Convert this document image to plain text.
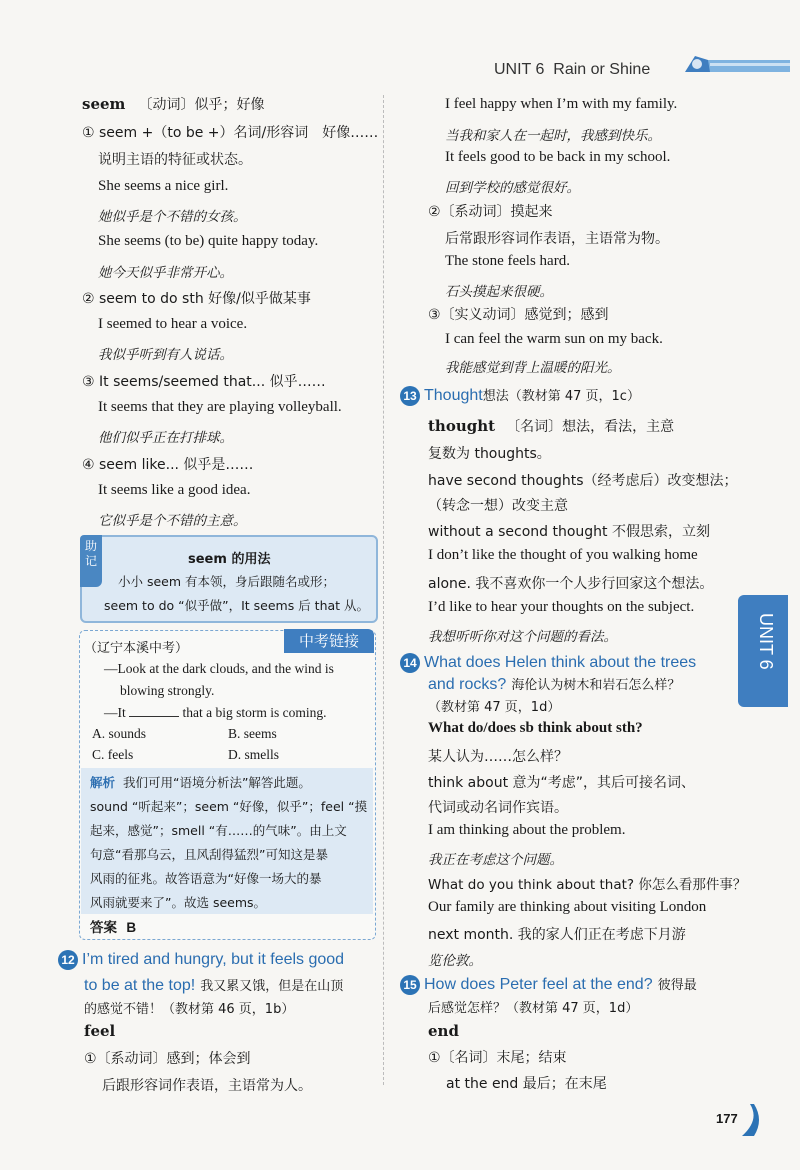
UNIT 6 Rain or Shine
seem 〔动词〕似乎；好像
① seem +（to be +）名词/形容词　好像……
说明主语的特征或状态。
She seems a nice girl.
她似乎是个不错的女孩。
She seems (to be) quite happy today.
她今天似乎非常开心。
② seem to do sth 好像/似乎做某事
I seemed to hear a voice.
我似乎听到有人说话。
③ It seems/seemed that... 似乎……
It seems that they are playing volleyball.
他们似乎正在打排球。
④ seem like... 似乎是……
It seems like a good idea.
它似乎是个不错的主意。
助记	seem 的用法
小小 seem 有本领，身后跟随名或形；
seem to do “似乎做”，It seems 后 that 从。
中考链接
（辽宁本溪中考）
—Look at the dark clouds, and the wind is
blowing strongly.
—It	that a big storm is coming.
A. sounds	B. seems
C. feels	D. smells
解析 我们可用“语境分析法”解答此题。
sound “听起来”；seem “好像，似乎”；feel “摸
起来，感觉”；smell “有……的气味”。由上文
句意“看那乌云，且风刮得猛烈”可知这是暴
风雨的征兆。故答语意为“好像一场大的暴
风雨就要来了”。故选 seems。
答案 B
12 I’m tired and hungry, but it feels good
to be at the top! 我又累又饿，但是在山顶
的感觉不错！（教材第 46 页，1b）
feel
①〔系动词〕感到；体会到
后跟形容词作表语，主语常为人。
I feel happy when I’m with my family.
当我和家人在一起时，我感到快乐。
It feels good to be back in my school.
回到学校的感觉很好。
②〔系动词〕摸起来
后常跟形容词作表语，主语常为物。
The stone feels hard.
石头摸起来很硬。
③〔实义动词〕感觉到；感到
I can feel the warm sun on my back.
我能感觉到背上温暖的阳光。
13 Thought想法（教材第 47 页，1c）
thought 〔名词〕想法，看法，主意
复数为 thoughts。
have second thoughts（经考虑后）改变想法；
（转念一想）改变主意
without a second thought 不假思索，立刻
I don’t like the thought of you walking home
alone. 我不喜欢你一个人步行回家这个想法。
I’d like to hear your thoughts on the subject.
我想听听你对这个问题的看法。
14 What does Helen think about the trees
and rocks? 海伦认为树木和岩石怎么样？
（教材第 47 页，1d）
What do/does sb think about sth?
某人认为……怎么样？
think about 意为“考虑”，其后可接名词、
代词或动名词作宾语。
I am thinking about the problem.
我正在考虑这个问题。
What do you think about that? 你怎么看那件事？
Our family are thinking about visiting London
next month. 我的家人们正在考虑下月游
览伦敦。
15 How does Peter feel at the end? 彼得最
后感觉怎样？（教材第 47 页，1d）
end
①〔名词〕末尾；结束
at the end 最后；在末尾
UNIT 6
177
